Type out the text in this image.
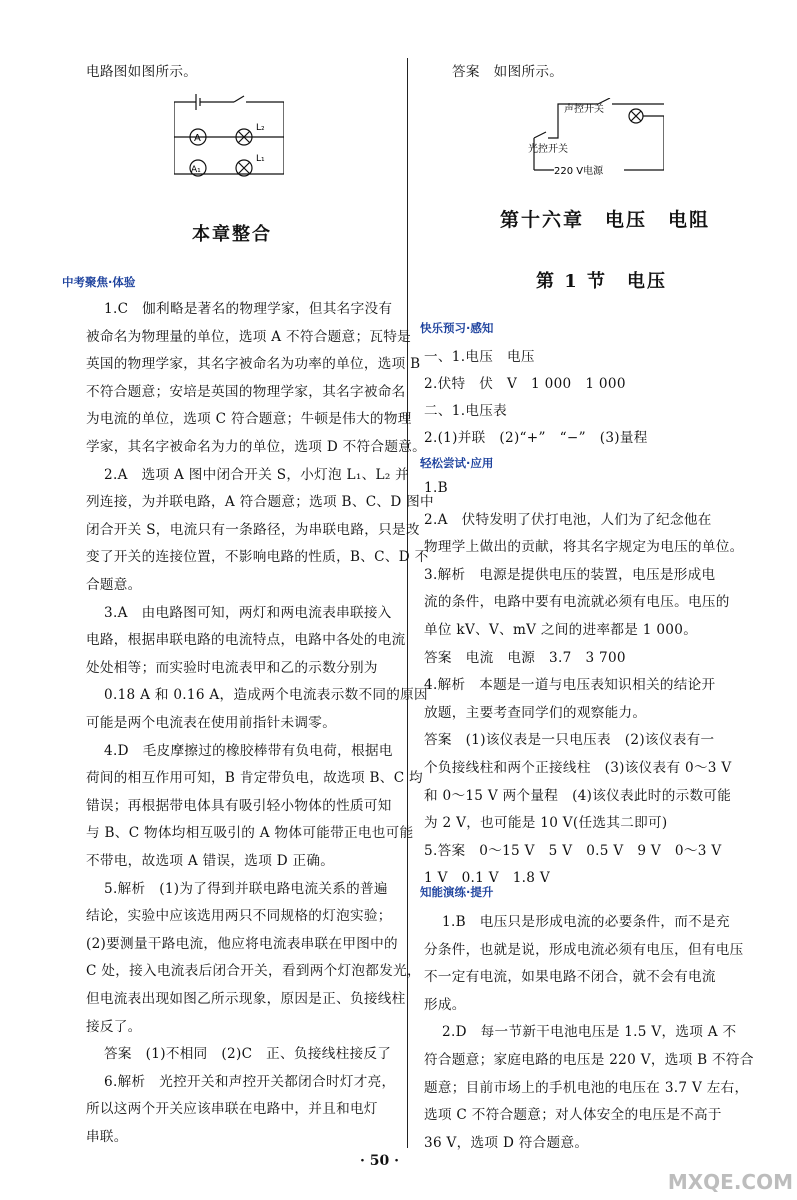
电路图如图所示。
A
A₁
L₂
L₁
本章整合
中考聚焦·体验
1.C　伽利略是著名的物理学家，但其名字没有
被命名为物理量的单位，选项 A 不符合题意；瓦特是
英国的物理学家，其名字被命名为功率的单位，选项 B
不符合题意；安培是英国的物理学家，其名字被命名
为电流的单位，选项 C 符合题意；牛顿是伟大的物理
学家，其名字被命名为力的单位，选项 D 不符合题意。
2.A　选项 A 图中闭合开关 S，小灯泡 L₁、L₂ 并
列连接，为并联电路，A 符合题意；选项 B、C、D 图中
闭合开关 S，电流只有一条路径，为串联电路，只是改
变了开关的连接位置，不影响电路的性质，B、C、D 不
合题意。
3.A　由电路图可知，两灯和两电流表串联接入
电路，根据串联电路的电流特点，电路中各处的电流
处处相等；而实验时电流表甲和乙的示数分别为
0.18 A 和 0.16 A，造成两个电流表示数不同的原因
可能是两个电流表在使用前指针未调零。
4.D　毛皮摩擦过的橡胶棒带有负电荷，根据电
荷间的相互作用可知，B 肯定带负电，故选项 B、C 均
错误；再根据带电体具有吸引轻小物体的性质可知
与 B、C 物体均相互吸引的 A 物体可能带正电也可能
不带电，故选项 A 错误，选项 D 正确。
5.解析　(1)为了得到并联电路电流关系的普遍
结论，实验中应该选用两只不同规格的灯泡实验；
(2)要测量干路电流，他应将电流表串联在甲图中的
C 处，接入电流表后闭合开关，看到两个灯泡都发光，
但电流表出现如图乙所示现象，原因是正、负接线柱
接反了。
答案　(1)不相同　(2)C　正、负接线柱接反了
6.解析　光控开关和声控开关都闭合时灯才亮，
所以这两个开关应该串联在电路中，并且和电灯
串联。
答案　如图所示。
声控开关
光控开关
220 V电源
第十六章　电压　电阻
第 1 节　电压
快乐预习·感知
一、1.电压　电压
2.伏特　伏　V　1 000　1 000
二、1.电压表
2.(1)并联　(2)“+”　“−”　(3)量程
轻松尝试·应用
1.B
2.A　伏特发明了伏打电池，人们为了纪念他在
物理学上做出的贡献，将其名字规定为电压的单位。
3.解析　电源是提供电压的装置，电压是形成电
流的条件，电路中要有电流就必须有电压。电压的
单位 kV、V、mV 之间的进率都是 1 000。
答案　电流　电源　3.7　3 700
4.解析　本题是一道与电压表知识相关的结论开
放题，主要考查同学们的观察能力。
答案　(1)该仪表是一只电压表　(2)该仪表有一
个负接线柱和两个正接线柱　(3)该仪表有 0～3 V
和 0～15 V 两个量程　(4)该仪表此时的示数可能
为 2 V，也可能是 10 V(任选其二即可)
5.答案　0～15 V　5 V　0.5 V　9 V　0～3 V
1 V　0.1 V　1.8 V
知能演练·提升
1.B　电压只是形成电流的必要条件，而不是充
分条件，也就是说，形成电流必须有电压，但有电压
不一定有电流，如果电路不闭合，就不会有电流
形成。
2.D　每一节新干电池电压是 1.5 V，选项 A 不
符合题意；家庭电路的电压是 220 V，选项 B 不符合
题意；目前市场上的手机电池的电压在 3.7 V 左右，
选项 C 不符合题意；对人体安全的电压是不高于
36 V，选项 D 符合题意。
· 50 ·
MXQE.COM
